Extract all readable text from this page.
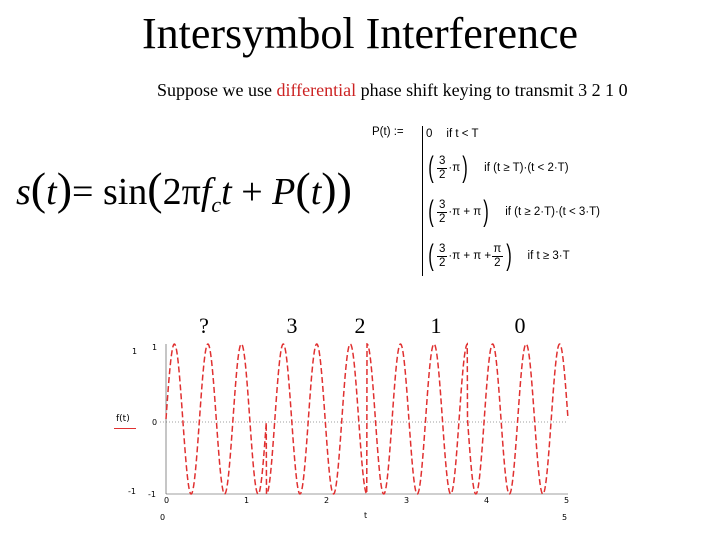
Intersymbol Interference
Suppose we use differential phase shift keying to transmit 3 2 1 0
$s(t)= \sin(2\pi f_ct + P(t))$
P(t) := 0 if t < T
( $\frac{3}{2} \cdot\pi$ ) if (t ≥ T)·(t < 2·T)
( $\frac{3}{2} \cdot\pi + \pi$ ) if (t ≥ 2·T)·(t < 3·T)
( $\frac{3}{2} \cdot\pi + \pi + \frac{\pi}{2}$ ) if t ≥ 3·T
?	3	2	1	0
f(t)
1
0
-1
1
-1
0	1	2	3	4	5
0	5
t
